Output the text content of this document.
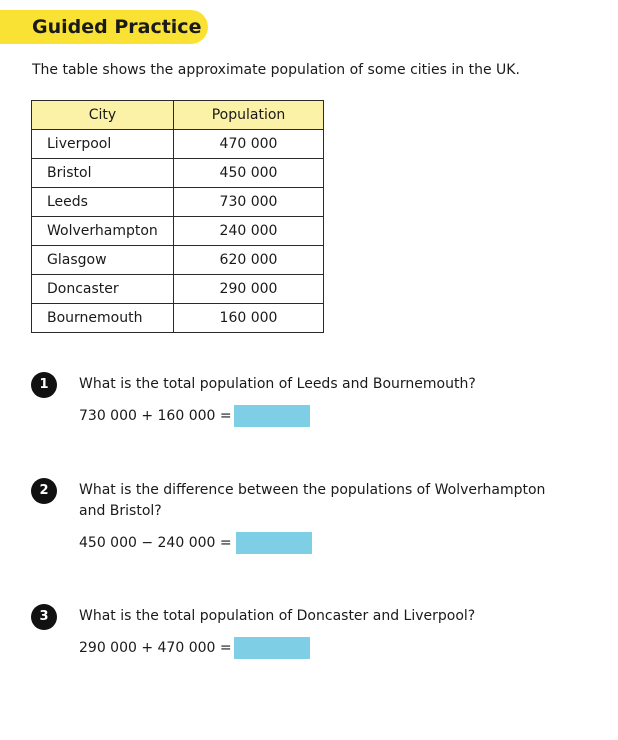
Guided Practice
The table shows the approximate population of some cities in the UK.
City	Population
Liverpool	470 000
Bristol	450 000
Leeds	730 000
Wolverhampton	240 000
Glasgow	620 000
Doncaster	290 000
Bournemouth	160 000
1	What is the total population of Leeds and Bournemouth?
730 000 + 160 000 =
2	What is the difference between the populations of Wolverhampton and Bristol?
450 000 − 240 000 =
3	What is the total population of Doncaster and Liverpool?
290 000 + 470 000 =
